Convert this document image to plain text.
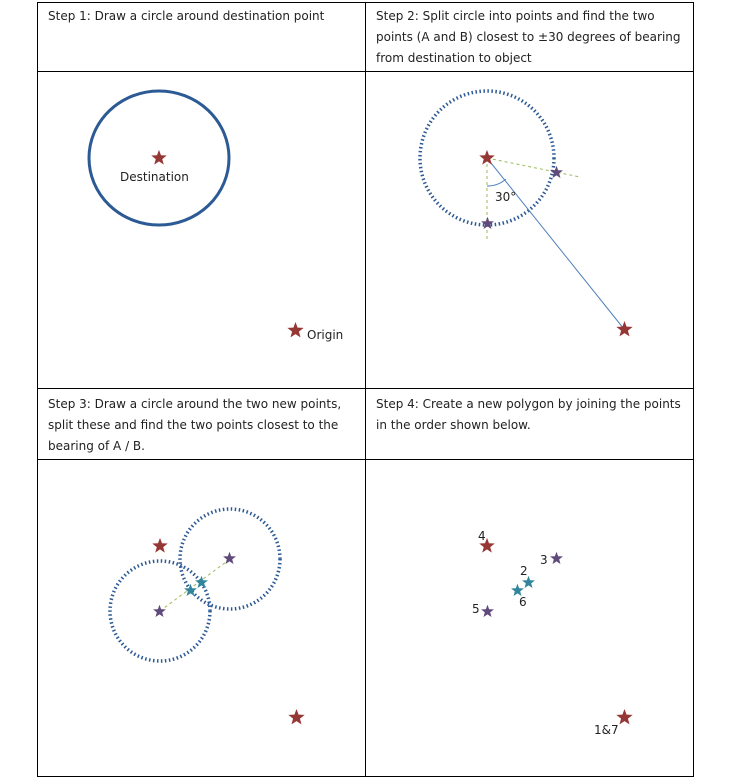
Step 1: Draw a circle around destination point	Step 2: Split circle into points and find the two points (A and B) closest to ±30 degrees of bearing from destination to object
Step 3: Draw a circle around the two new points, split these and find the two points closest to the bearing of A / B.
Step 4: Create a new polygon by joining the points in the order shown below.
Destination
Origin
30°
4
3
2
6
5
1&7
